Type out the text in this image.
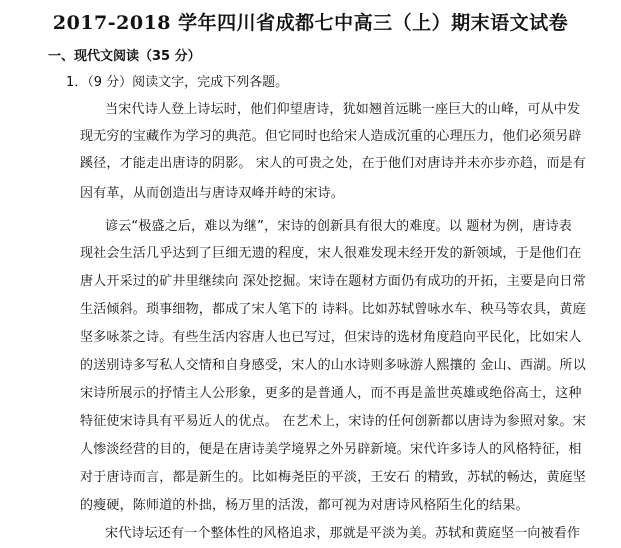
2017-2018 学年四川省成都七中高三（上）期末语文试卷
一、现代文阅读（35 分）
1．（9 分）阅读文字，完成下列各题。
当宋代诗人登上诗坛时，他们仰望唐诗，犹如翘首远眺一座巨大的山峰，可从中发
现无穷的宝藏作为学习的典范。但它同时也给宋人造成沉重的心理压力，他们必须另辟
蹊径，才能走出唐诗的阴影。 宋人的可贵之处，在于他们对唐诗并未亦步亦趋，而是有
因有革，从而创造出与唐诗双峰并峙的宋诗。
谚云“极盛之后，难以为继”，宋诗的创新具有很大的难度。以 题材为例，唐诗表
现社会生活几乎达到了巨细无遗的程度，宋人很难发现未经开发的新领域，于是他们在
唐人开采过的矿井里继续向 深处挖掘。宋诗在题材方面仍有成功的开拓，主要是向日常
生活倾斜。琐事细物，都成了宋人笔下的 诗料。比如苏轼曾咏水车、秧马等农具，黄庭
坚多咏茶之诗。有些生活内容唐人也已写过，但宋诗的选材角度趋向平民化，比如宋人
的送别诗多写私人交情和自身感受，宋人的山水诗则多咏游人熙攘的 金山、西湖。所以
宋诗所展示的抒情主人公形象，更多的是普通人，而不再是盖世英雄或绝俗高士，这种
特征使宋诗具有平易近人的优点。 在艺术上，宋诗的任何创新都以唐诗为参照对象。宋
人惨淡经营的目的，便是在唐诗美学境界之外另辟新境。宋代许多诗人的风格特征，相
对于唐诗而言，都是新生的。比如梅尧臣的平淡，王安石 的精致，苏轼的畅达，黄庭坚
的瘦硬，陈师道的朴拙，杨万里的活泼，都可视为对唐诗风格陌生化的结果。
宋代诗坛还有一个整体性的风格追求，那就是平淡为美。苏轼和黄庭坚一向被看作
